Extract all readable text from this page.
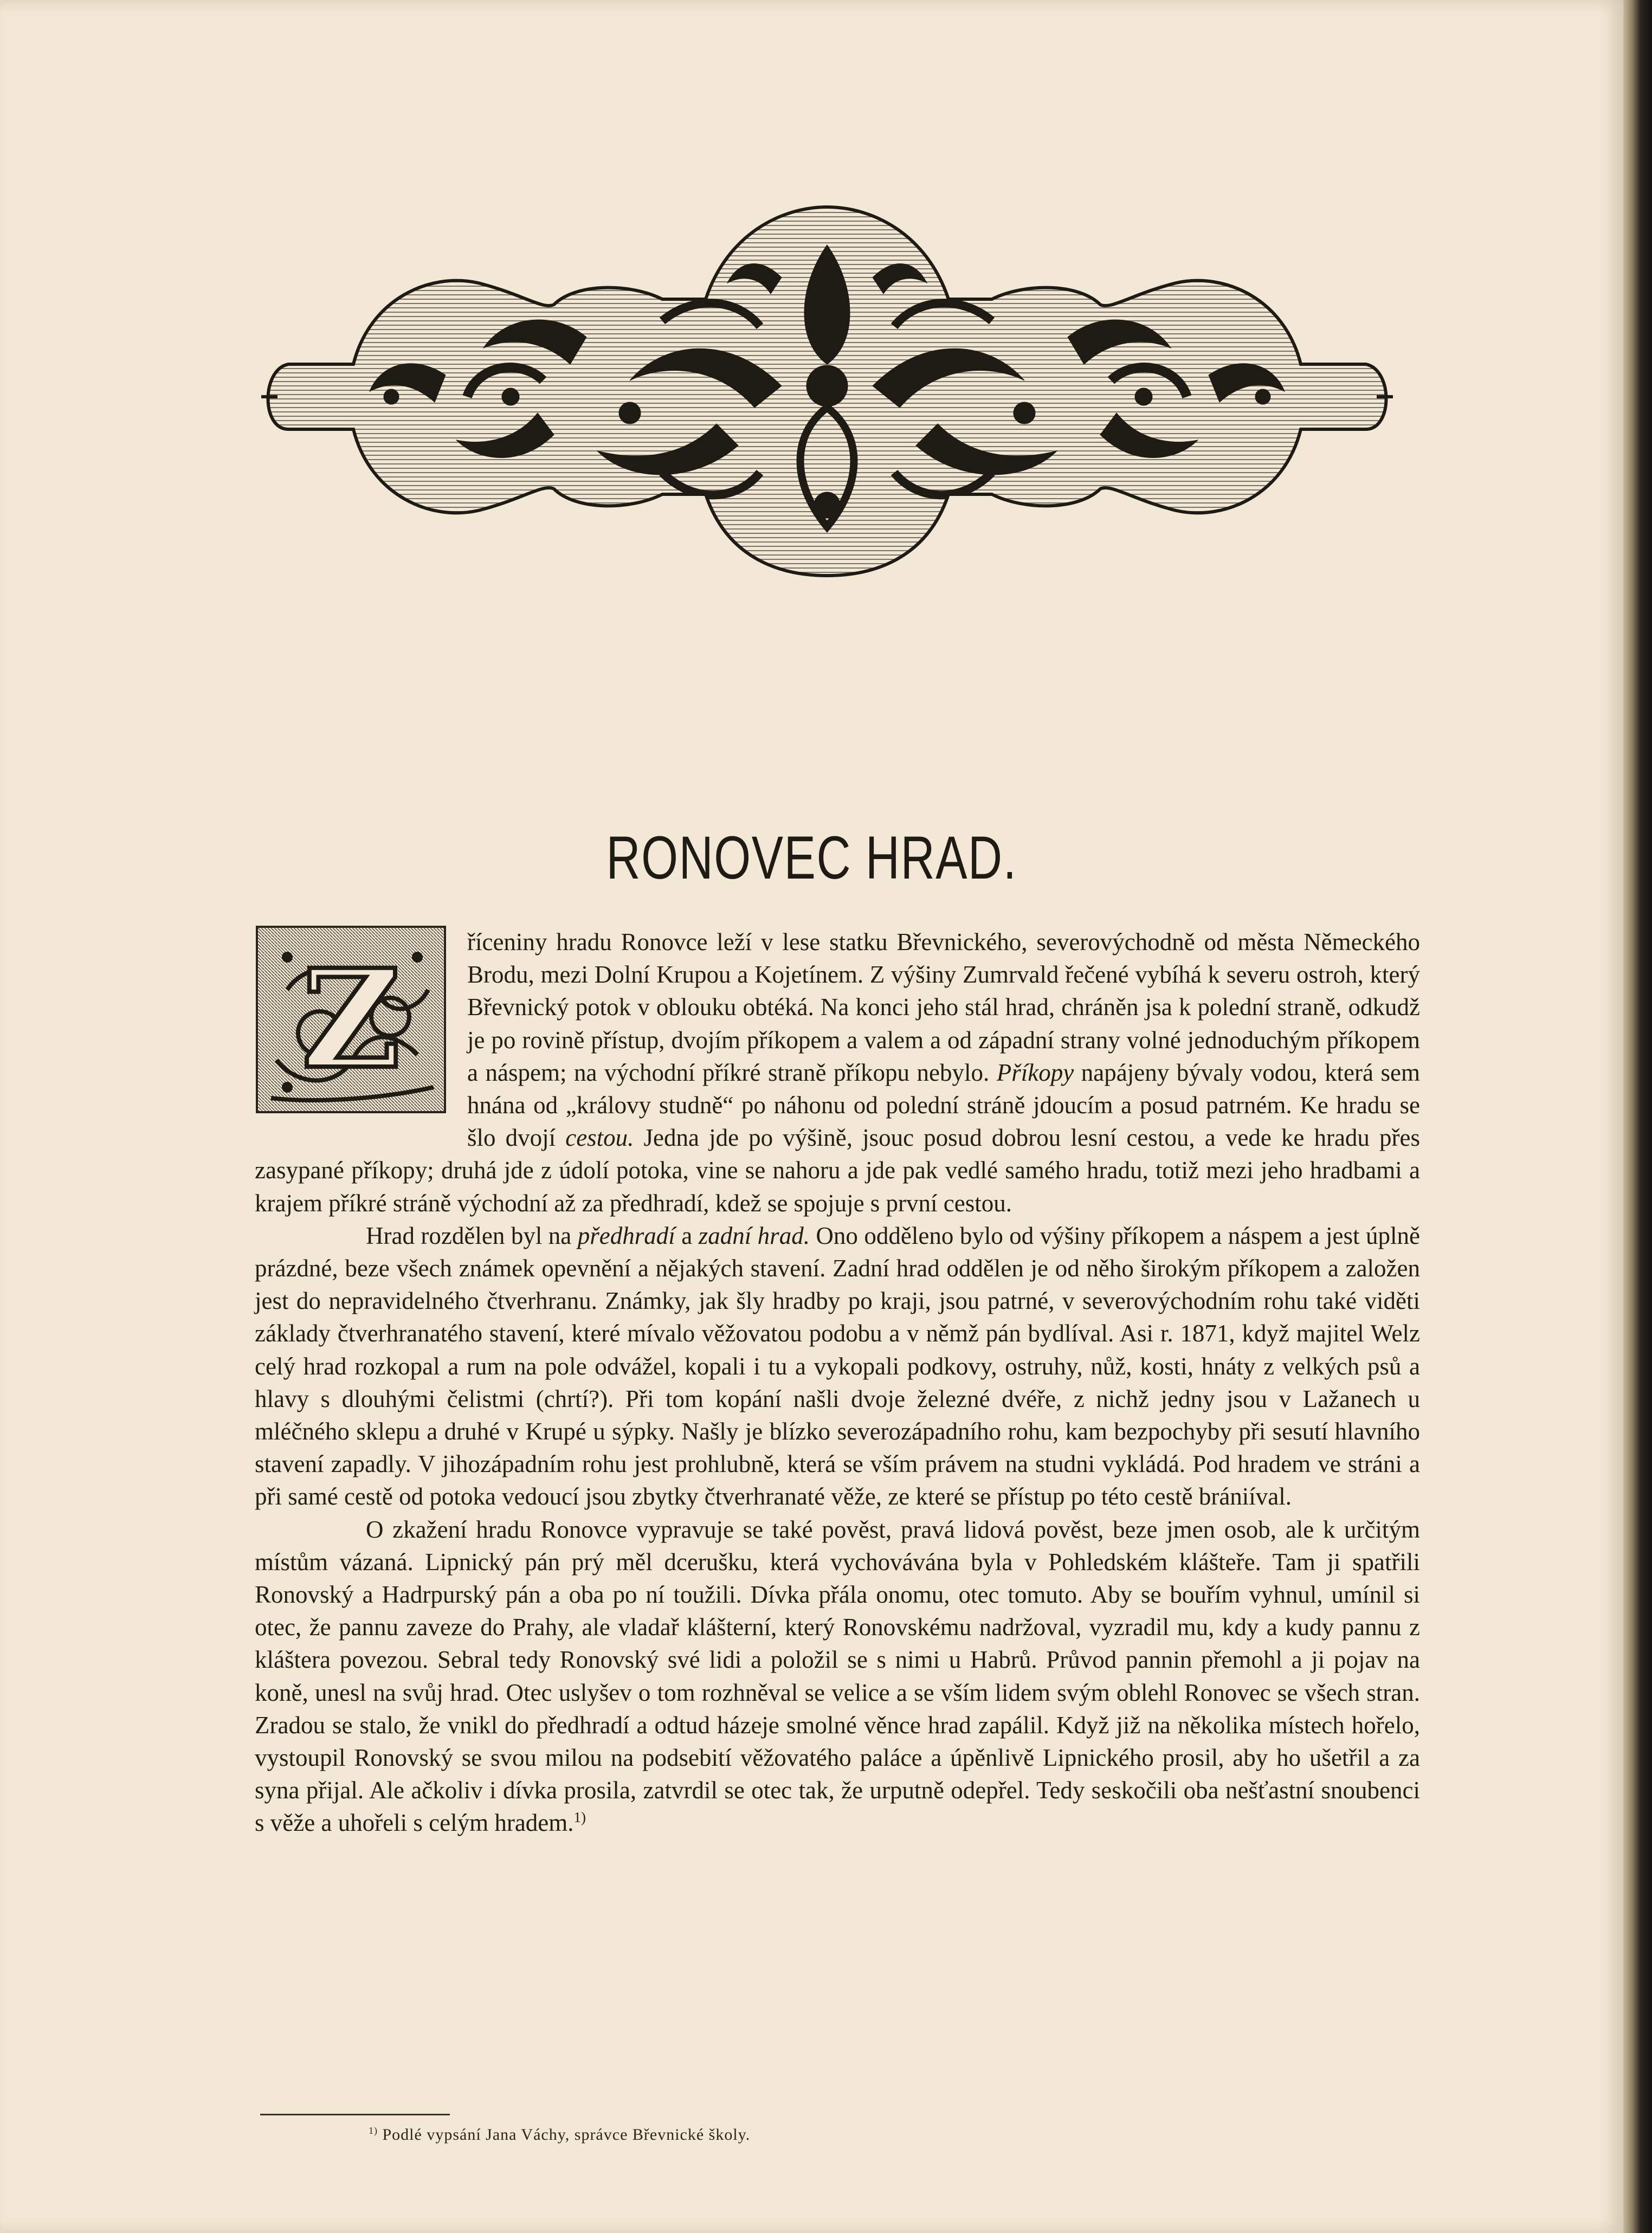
RONOVEC HRAD.
Z	říceniny hradu Ronovce leží v lese statku Břevnického, severovýchodně od města Německého Brodu, mezi Dolní Krupou a Kojetínem. Z výšiny Zumrvald řečené vybíhá k severu ostroh, který Břevnický potok v oblouku obtéká. Na konci jeho stál hrad, chráněn jsa k polední straně, odkudž je po rovině přístup, dvojím příkopem a valem a od západní strany volné jednoduchým příkopem a náspem; na východní příkré straně příkopu nebylo. Příkopy napájeny bývaly vodou, která sem hnána od „královy studně“ po náhonu od polední stráně jdoucím a posud patrném. Ke hradu se šlo dvojí cestou. Jedna jde po výšině, jsouc posud dobrou lesní cestou, a vede ke hradu přes zasypané příkopy; druhá jde z údolí potoka, vine se nahoru a jde pak vedlé samého hradu, totiž mezi jeho hradbami a krajem příkré stráně východní až za předhradí, kdež se spojuje s první cestou.

Hrad rozdělen byl na předhradí a zadní hrad. Ono odděleno bylo od výšiny příkopem a náspem a jest úplně prázdné, beze všech známek opevnění a nějakých stavení. Zadní hrad oddělen je od něho širokým příkopem a založen jest do nepravidelného čtverhranu. Známky, jak šly hradby po kraji, jsou patrné, v severovýchodním rohu také viděti základy čtverhranatého stavení, které mívalo věžovatou podobu a v němž pán bydlíval. Asi r. 1871, když majitel Welz celý hrad rozkopal a rum na pole odvážel, kopali i tu a vykopali podkovy, ostruhy, nůž, kosti, hnáty z velkých psů a hlavy s dlouhými čelistmi (chrtí?). Při tom kopání našli dvoje železné dvéře, z nichž jedny jsou v Lažanech u mléčného sklepu a druhé v Krupé u sýpky. Našly je blízko severozápadního rohu, kam bezpochyby při sesutí hlavního stavení zapadly. V jihozápadním rohu jest prohlubně, která se vším právem na studni vykládá. Pod hradem ve stráni a při samé cestě od potoka vedoucí jsou zbytky čtverhranaté věže, ze které se přístup po této cestě brániíval.

O zkažení hradu Ronovce vypravuje se také pověst, pravá lidová pověst, beze jmen osob, ale k určitým místům vázaná. Lipnický pán prý měl dcerušku, která vychovávána byla v Pohledském klášteře. Tam ji spatřili Ronovský a Hadrpurský pán a oba po ní toužili. Dívka přála onomu, otec tomuto. Aby se bouřím vyhnul, umínil si otec, že pannu zaveze do Prahy, ale vladař klášterní, který Ronovskému nadržoval, vyzradil mu, kdy a kudy pannu z kláštera povezou. Sebral tedy Ronovský své lidi a položil se s nimi u Habrů. Průvod pannin přemohl a ji pojav na koně, unesl na svůj hrad. Otec uslyšev o tom rozhněval se velice a se vším lidem svým oblehl Ronovec se všech stran. Zradou se stalo, že vnikl do předhradí a odtud házeje smolné věnce hrad zapálil. Když již na několika místech hořelo, vystoupil Ronovský se svou milou na podsebití věžovatého paláce a úpěnlivě Lipnického prosil, aby ho ušetřil a za syna přijal. Ale ačkoliv i dívka prosila, zatvrdil se otec tak, že urputně odepřel. Tedy seskočili oba nešťastní snoubenci s věže a uhořeli s celým hradem.$^{1)}$

$^{1)}$ Podlé vypsání Jana Váchy, správce Břevnické školy.
